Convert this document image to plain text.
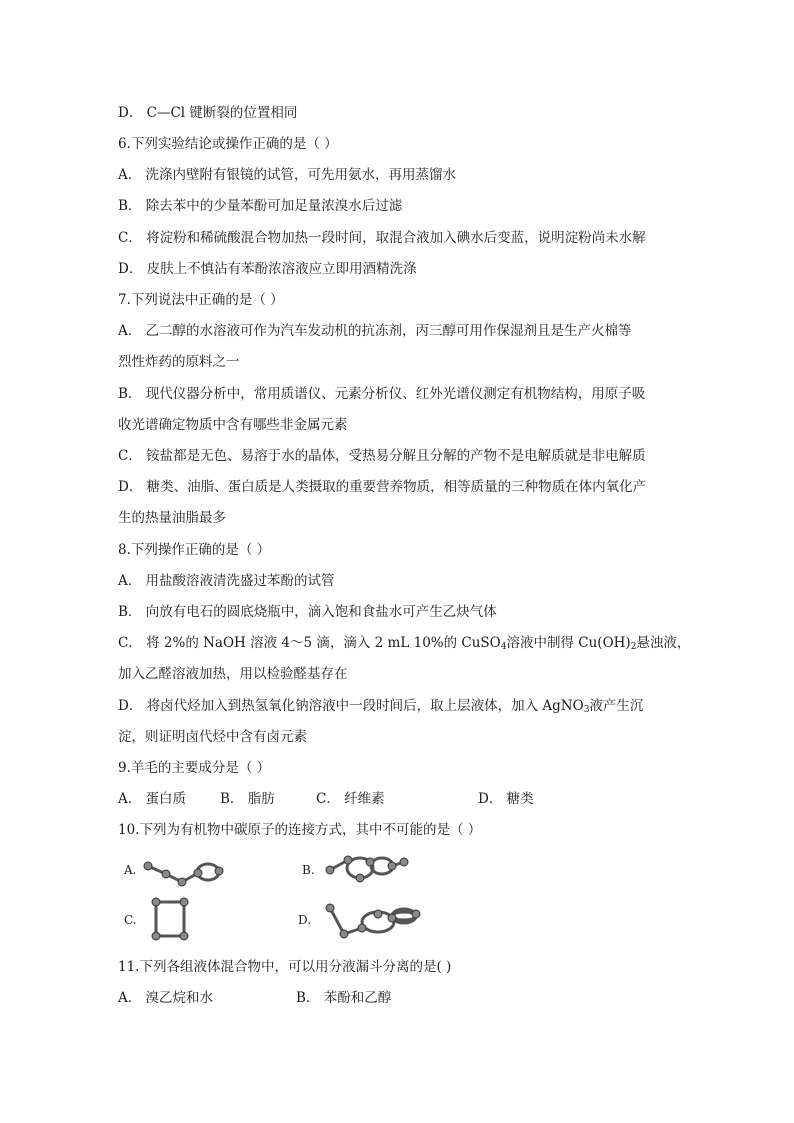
D． C—Cl 键断裂的位置相同
6.下列实验结论或操作正确的是（ ）
A． 洗涤内壁附有银镜的试管，可先用氨水，再用蒸馏水
B． 除去苯中的少量苯酚可加足量浓溴水后过滤
C． 将淀粉和稀硫酸混合物加热一段时间，取混合液加入碘水后变蓝，说明淀粉尚未水解
D． 皮肤上不慎沾有苯酚浓溶液应立即用酒精洗涤
7.下列说法中正确的是（ ）
A． 乙二醇的水溶液可作为汽车发动机的抗冻剂，丙三醇可用作保湿剂且是生产火棉等
烈性炸药的原料之一
B． 现代仪器分析中，常用质谱仪、元素分析仪、红外光谱仪测定有机物结构，用原子吸
收光谱确定物质中含有哪些非金属元素
C． 铵盐都是无色、易溶于水的晶体，受热易分解且分解的产物不是电解质就是非电解质
D． 糖类、油脂、蛋白质是人类摄取的重要营养物质，相等质量的三种物质在体内氧化产
生的热量油脂最多
8.下列操作正确的是（ ）
A． 用盐酸溶液清洗盛过苯酚的试管
B． 向放有电石的圆底烧瓶中，滴入饱和食盐水可产生乙炔气体
C． 将 2%的 NaOH 溶液 4～5 滴，滴入 2 mL 10%的 CuSO$_4$溶液中制得 $Cu(OH)_2$悬浊液，
加入乙醛溶液加热，用以检验醛基存在
D． 将卤代烃加入到热氢氧化钠溶液中一段时间后，取上层液体，加入 AgNO$_3$液产生沉
淀，则证明卤代烃中含有卤元素
9.羊毛的主要成分是（ ）
A． 蛋白质	B． 脂肪	C． 纤维素	D． 糖类
10.下列为有机物中碳原子的连接方式，其中不可能的是（ ）
A.	B.
C.	D.
11.下列各组液体混合物中，可以用分液漏斗分离的是( )
A． 溴乙烷和水	B． 苯酚和乙醇
